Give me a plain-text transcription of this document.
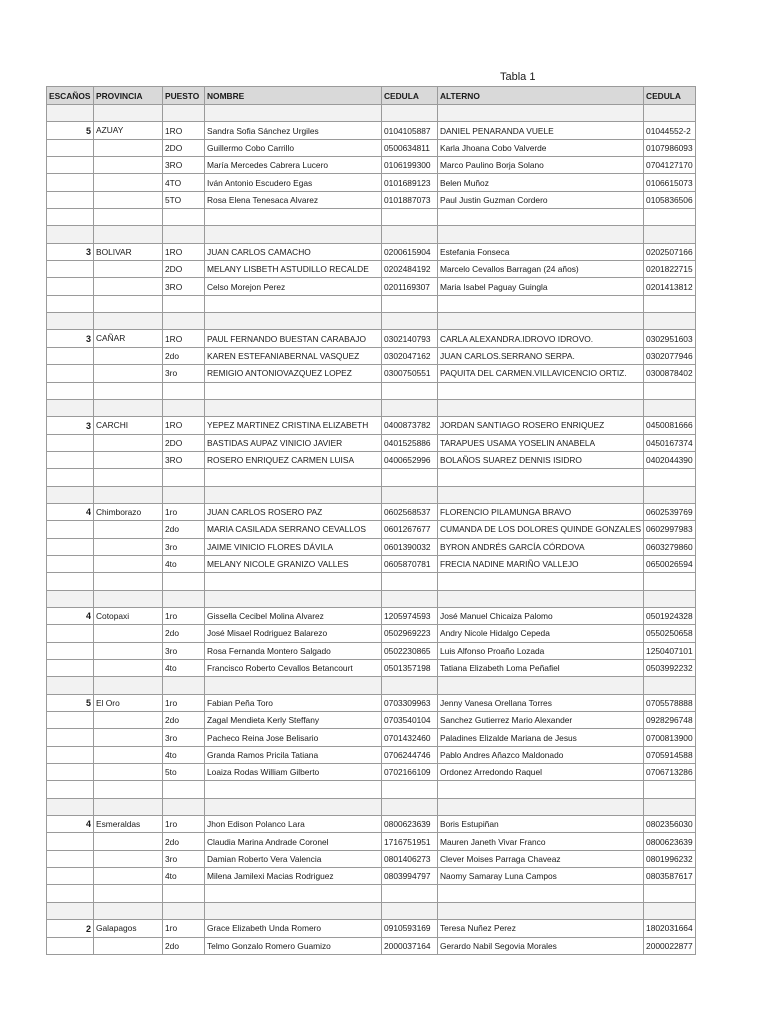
Tabla 1
ESCAÑOS	PROVINCIA	PUESTO	NOMBRE	CEDULA	ALTERNO	CEDULA

5	AZUAY	1RO	Sandra Sofia Sánchez Urgiles	0104105887	DANIEL PENARANDA VUELE	01044552-2
		2DO	Guillermo Cobo Carrillo	0500634811	Karla Jhoana Cobo Valverde	0107986093
		3RO	María Mercedes Cabrera Lucero	0106199300	Marco Paulino Borja Solano	0704127170
		4TO	Iván Antonio Escudero Egas	0101689123	Belen Muñoz	0106615073
		5TO	Rosa Elena Tenesaca Alvarez	0101887073	Paul Justin Guzman Cordero	0105836506

3	BOLIVAR	1RO	JUAN CARLOS CAMACHO	0200615904	Estefania Fonseca	0202507166
		2DO	MELANY LISBETH ASTUDILLO RECALDE	0202484192	Marcelo Cevallos Barragan (24 años)	0201822715
		3RO	Celso Morejon Perez	0201169307	Maria Isabel Paguay Guingla	0201413812

3	CAÑAR	1RO	PAUL FERNANDO BUESTAN CARABAJO	0302140793	CARLA ALEXANDRA.IDROVO IDROVO.	0302951603
		2do	KAREN ESTEFANIABERNAL VASQUEZ	0302047162	JUAN CARLOS.SERRANO SERPA.	0302077946
		3ro	REMIGIO ANTONIOVAZQUEZ LOPEZ	0300750551	PAQUITA DEL CARMEN.VILLAVICENCIO ORTIZ.	0300878402

3	CARCHI	1RO	YEPEZ MARTINEZ CRISTINA ELIZABETH	0400873782	JORDAN SANTIAGO ROSERO ENRIQUEZ	0450081666
		2DO	BASTIDAS AUPAZ VINICIO JAVIER	0401525886	TARAPUES USAMA YOSELIN ANABELA	0450167374
		3RO	ROSERO ENRIQUEZ CARMEN LUISA	0400652996	BOLAÑOS SUAREZ DENNIS ISIDRO	0402044390

4	Chimborazo	1ro	JUAN CARLOS ROSERO PAZ	0602568537	FLORENCIO PILAMUNGA BRAVO	0602539769
		2do	MARIA CASILADA SERRANO CEVALLOS	0601267677	CUMANDA DE LOS DOLORES QUINDE GONZALES	0602997983
		3ro	JAIME VINICIO FLORES DÁVILA	0601390032	BYRON ANDRÉS GARCÍA CÓRDOVA	0603279860
		4to	MELANY NICOLE GRANIZO VALLES	0605870781	FRECIA NADINE MARIÑO VALLEJO	0650026594

4	Cotopaxi	1ro	Gissella Cecibel Molina Alvarez	1205974593	José Manuel Chicaiza Palomo	0501924328
		2do	José Misael Rodriguez Balarezo	0502969223	Andry Nicole Hidalgo Cepeda	0550250658
		3ro	Rosa Fernanda Montero Salgado	0502230865	Luis Alfonso Proaño Lozada	1250407101
		4to	Francisco Roberto Cevallos Betancourt	0501357198	Tatiana Elizabeth Loma Peñafiel	0503992232

5	El Oro	1ro	Fabian Peña Toro	0703309963	Jenny Vanesa Orellana Torres	0705578888
		2do	Zagal Mendieta Kerly Steffany	0703540104	Sanchez Gutierrez Mario Alexander	0928296748
		3ro	Pacheco Reina Jose Belisario	0701432460	Paladines Elizalde Mariana de Jesus	0700813900
		4to	Granda Ramos Pricila Tatiana	0706244746	Pablo Andres Añazco Maldonado	0705914588
		5to	Loaiza Rodas William Gilberto	0702166109	Ordonez Arredondo Raquel	0706713286

4	Esmeraldas	1ro	Jhon Edison Polanco Lara	0800623639	Boris Estupiñan	0802356030
		2do	Claudia Marina Andrade Coronel	1716751951	Mauren Janeth Vivar Franco	0800623639
		3ro	Damian Roberto Vera Valencia	0801406273	Clever Moises Parraga Chaveaz	0801996232
		4to	Milena Jamilexi Macias Rodriguez	0803994797	Naomy Samaray Luna Campos	0803587617

2	Galapagos	1ro	Grace Elizabeth Unda Romero	0910593169	Teresa Nuñez Perez	1802031664
		2do	Telmo Gonzalo Romero Guamizo	2000037164	Gerardo Nabil Segovia Morales	2000022877
